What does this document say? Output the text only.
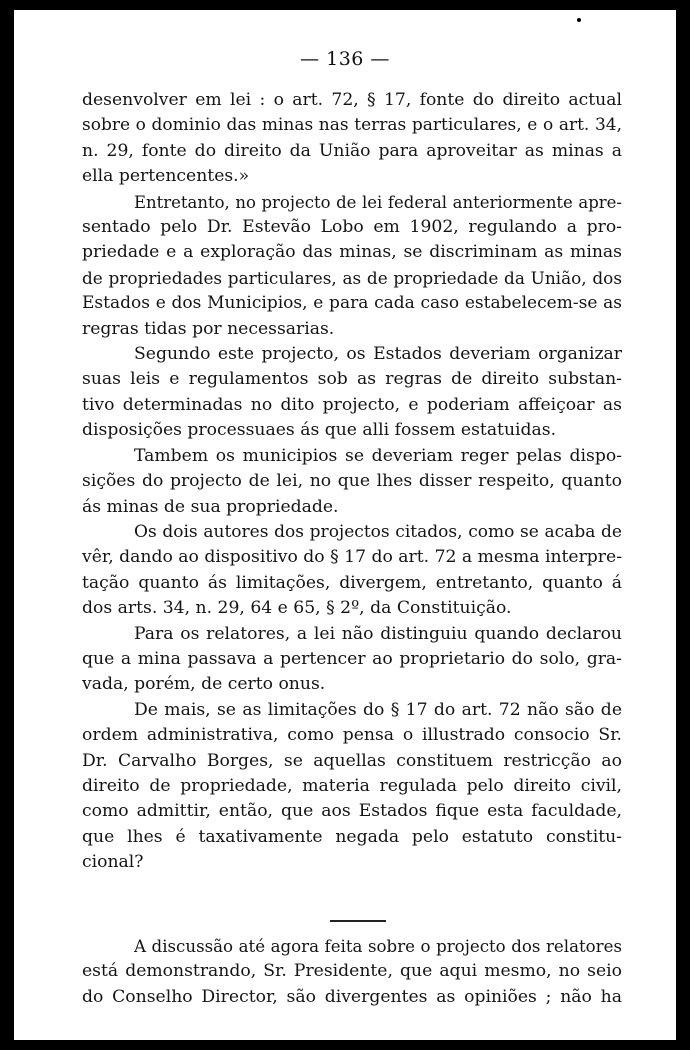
— 136 —
desenvolver em lei : o art. 72, § 17, fonte do direito actual
sobre o dominio das minas nas terras particulares, e o art. 34,
n. 29, fonte do direito da União para aproveitar as minas a
ella pertencentes.»
Entretanto, no projecto de lei federal anteriormente apre-
sentado pelo Dr. Estevão Lobo em 1902, regulando a pro-
priedade e a exploração das minas, se discriminam as minas
de propriedades particulares, as de propriedade da União, dos
Estados e dos Municipios, e para cada caso estabelecem-se as
regras tidas por necessarias.
Segundo este projecto, os Estados deveriam organizar
suas leis e regulamentos sob as regras de direito substan-
tivo determinadas no dito projecto, e poderiam affeiçoar as
disposições processuaes ás que alli fossem estatuidas.
Tambem os municipios se deveriam reger pelas dispo-
sições do projecto de lei, no que lhes disser respeito, quanto
ás minas de sua propriedade.
Os dois autores dos projectos citados, como se acaba de
vêr, dando ao dispositivo do § 17 do art. 72 a mesma interpre-
tação quanto ás limitações, divergem, entretanto, quanto á
dos arts. 34, n. 29, 64 e 65, § 2º, da Constituição.
Para os relatores, a lei não distinguiu quando declarou
que a mina passava a pertencer ao proprietario do solo, gra-
vada, porém, de certo onus.
De mais, se as limitações do § 17 do art. 72 não são de
ordem administrativa, como pensa o illustrado consocio Sr.
Dr. Carvalho Borges, se aquellas constituem restricção ao
direito de propriedade, materia regulada pelo direito civil,
como admittir, então, que aos Estados fique esta faculdade,
que lhes é taxativamente negada pelo estatuto constitu-
cional?
A discussão até agora feita sobre o projecto dos relatores
está demonstrando, Sr. Presidente, que aqui mesmo, no seio
do Conselho Director, são divergentes as opiniões ; não ha
